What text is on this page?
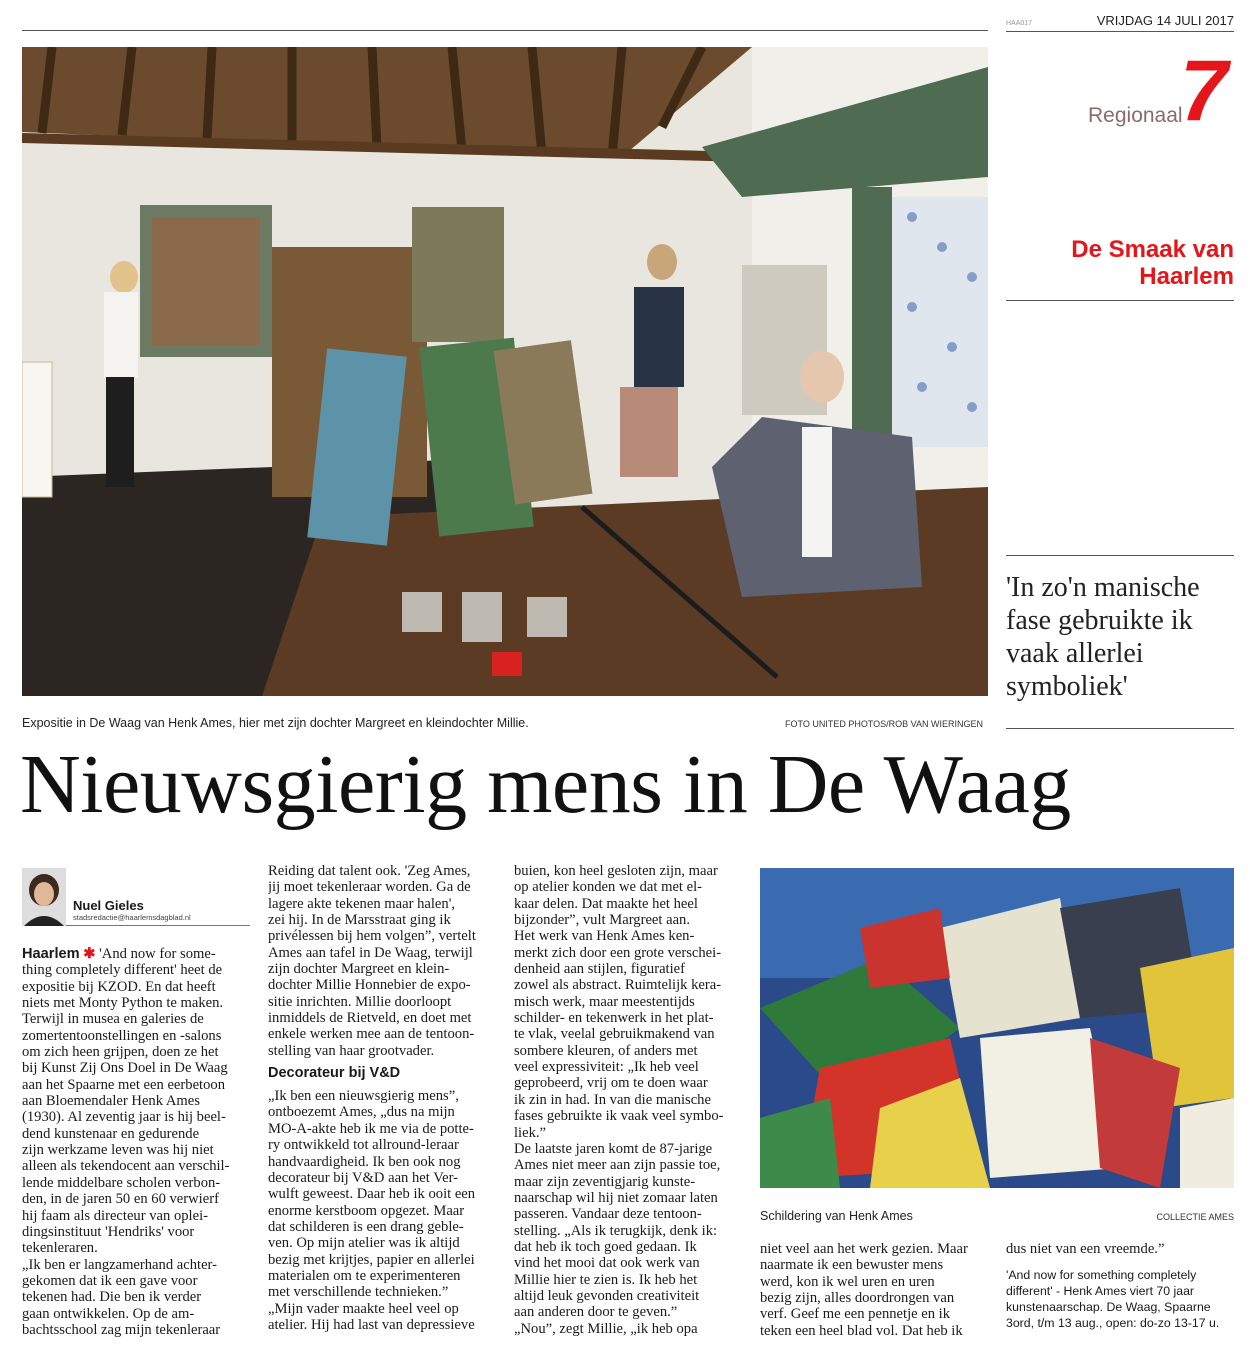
HAA017	VRIJDAG 14 JULI 2017
Regionaal
7
De Smaak van
Haarlem
'In zo'n manische
fase gebruikte ik
vaak allerlei
symboliek'
Expositie in De Waag van Henk Ames, hier met zijn dochter Margreet en kleindochter Millie.	FOTO UNITED PHOTOS/ROB VAN WIERINGEN
Nieuwsgierig mens in De Waag
Nuel Gieles
stadsredactie@haarlemsdagblad.nl
Haarlem ✱ 'And now for some-
thing completely different' heet de
expositie bij KZOD. En dat heeft
niets met Monty Python te maken.
Terwijl in musea en galeries de
zomertentoonstellingen en -salons
om zich heen grijpen, doen ze het
bij Kunst Zij Ons Doel in De Waag
aan het Spaarne met een eerbetoon
aan Bloemendaler Henk Ames
(1930). Al zeventig jaar is hij beel-
dend kunstenaar en gedurende
zijn werkzame leven was hij niet
alleen als tekendocent aan verschil-
lende middelbare scholen verbon-
den, in de jaren 50 en 60 verwierf
hij faam als directeur van oplei-
dingsinstituut 'Hendriks' voor
tekenleraren.
„Ik ben er langzamerhand achter-
gekomen dat ik een gave voor
tekenen had. Die ben ik verder
gaan ontwikkelen. Op de am-
bachtsschool zag mijn tekenleraar
Reiding dat talent ook. 'Zeg Ames,
jij moet tekenleraar worden. Ga de
lagere akte tekenen maar halen',
zei hij. In de Marsstraat ging ik
privélessen bij hem volgen”, vertelt
Ames aan tafel in De Waag, terwijl
zijn dochter Margreet en klein-
dochter Millie Honnebier de expo-
sitie inrichten. Millie doorloopt
inmiddels de Rietveld, en doet met
enkele werken mee aan de tentoon-
stelling van haar grootvader.
Decorateur bij V&D
„Ik ben een nieuwsgierig mens”,
ontboezemt Ames, „dus na mijn
MO-A-akte heb ik me via de potte-
ry ontwikkeld tot allround-leraar
handvaardigheid. Ik ben ook nog
decorateur bij V&D aan het Ver-
wulft geweest. Daar heb ik ooit een
enorme kerstboom opgezet. Maar
dat schilderen is een drang geble-
ven. Op mijn atelier was ik altijd
bezig met krijtjes, papier en allerlei
materialen om te experimenteren
met verschillende technieken.”
„Mijn vader maakte heel veel op
atelier. Hij had last van depressieve
buien, kon heel gesloten zijn, maar
op atelier konden we dat met el-
kaar delen. Dat maakte het heel
bijzonder”, vult Margreet aan.
Het werk van Henk Ames ken-
merkt zich door een grote verschei-
denheid aan stijlen, figuratief
zowel als abstract. Ruimtelijk kera-
misch werk, maar meestentijds
schilder- en tekenwerk in het plat-
te vlak, veelal gebruikmakend van
sombere kleuren, of anders met
veel expressiviteit: „Ik heb veel
geprobeerd, vrij om te doen waar
ik zin in had. In van die manische
fases gebruikte ik vaak veel symbo-
liek.”
De laatste jaren komt de 87-jarige
Ames niet meer aan zijn passie toe,
maar zijn zeventigjarig kunste-
naarschap wil hij niet zomaar laten
passeren. Vandaar deze tentoon-
stelling. „Als ik terugkijk, denk ik:
dat heb ik toch goed gedaan. Ik
vind het mooi dat ook werk van
Millie hier te zien is. Ik heb het
altijd leuk gevonden creativiteit
aan anderen door te geven.”
„Nou”, zegt Millie, „ik heb opa
Schildering van Henk Ames	COLLECTIE AMES
niet veel aan het werk gezien. Maar
naarmate ik een bewuster mens
werd, kon ik wel uren en uren
bezig zijn, alles doordrongen van
verf. Geef me een pennetje en ik
teken een heel blad vol. Dat heb ik
dus niet van een vreemde.”
'And now for something completely
different' - Henk Ames viert 70 jaar
kunstenaarschap. De Waag, Spaarne
3ord, t/m 13 aug., open: do-zo 13-17 u.
